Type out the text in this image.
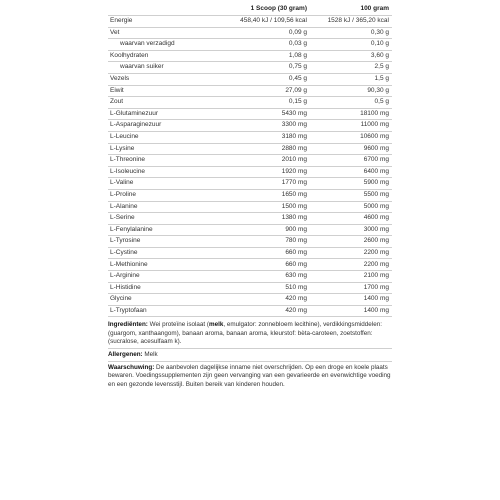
	1 Scoop (30 gram)	100 gram
Energie	458,40 kJ / 109,56 kcal	1528 kJ / 365,20 kcal
Vet	0,09 g	0,30 g
waarvan verzadigd	0,03 g	0,10 g
Koolhydraten	1,08 g	3,60 g
waarvan suiker	0,75 g	2,5 g
Vezels	0,45 g	1,5 g
Eiwit	27,09 g	90,30 g
Zout	0,15 g	0,5 g
L-Glutaminezuur	5430 mg	18100 mg
L-Asparaginezuur	3300 mg	11000 mg
L-Leucine	3180 mg	10600 mg
L-Lysine	2880 mg	9600 mg
L-Threonine	2010 mg	6700 mg
L-Isoleucine	1920 mg	6400 mg
L-Valine	1770 mg	5900 mg
L-Proline	1650 mg	5500 mg
L-Alanine	1500 mg	5000 mg
L-Serine	1380 mg	4600 mg
L-Fenylalanine	900 mg	3000 mg
L-Tyrosine	780 mg	2600 mg
L-Cystine	660 mg	2200 mg
L-Methionine	660 mg	2200 mg
L-Arginine	630 mg	2100 mg
L-Histidine	510 mg	1700 mg
Glycine	420 mg	1400 mg
L-Tryptofaan	420 mg	1400 mg

Ingrediënten: Wei proteïne isolaat (melk, emulgator: zonnebloem lecithine), verdikkingsmiddelen: (guargom, xanthaangom), banaan aroma, banaan aroma, kleurstof: bèta-caroteen, zoetstoffen: (sucralose, acesulfaam k).

Allergenen: Melk

Waarschuwing: De aanbevolen dagelijkse inname niet overschrijden. Op een droge en koele plaats bewaren. Voedingssupplementen zijn geen vervanging van een gevarieerde en evenwichtige voeding en een gezonde levensstijl. Buiten bereik van kinderen houden.
